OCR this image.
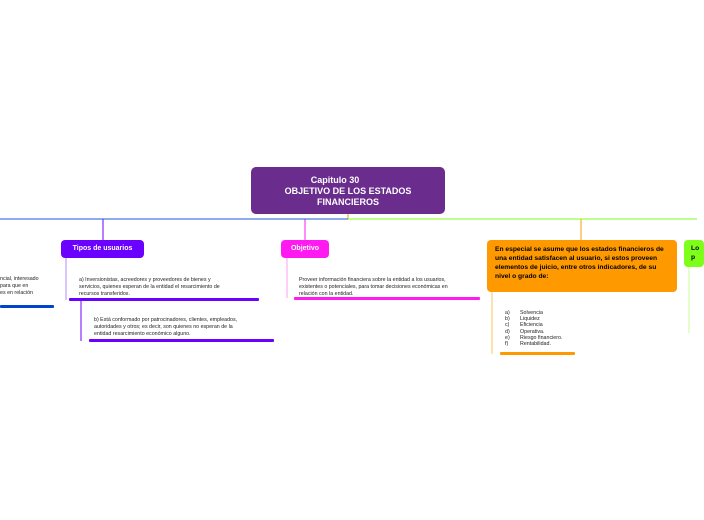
Capitulo 30
OBJETIVO DE LOS ESTADOS
FINANCIEROS
Tipos de usuarios
a) Inversionistas, acreedores y proveedores de bienes y
servicios, quienes esperan de la entidad el resarcimiento de
recursos transferidos.
b) Está conformado por patrocinadores, clientes, empleados,
autoridades y otros; es decir, son quienes no esperan de la
entidad resarcimiento económico alguno.
Objetivo
Proveer información financiera sobre la entidad a los usuarios,
existentes o potenciales, para tomar decisiones económicas en
relación con la entidad.
En especial se asume que los estados financieros de una entidad satisfacen al usuario, si estos proveen elementos de juicio, entre otros indicadores, de su nivel o grado de:
a)	Solvencia
b)	Liquidez
c)	Eficiencia
d)	Operativa.
e)	Riesgo financiero.
f)	Rentabilidad.
ncial, interesado
para que en
es en relación
Lo
p
